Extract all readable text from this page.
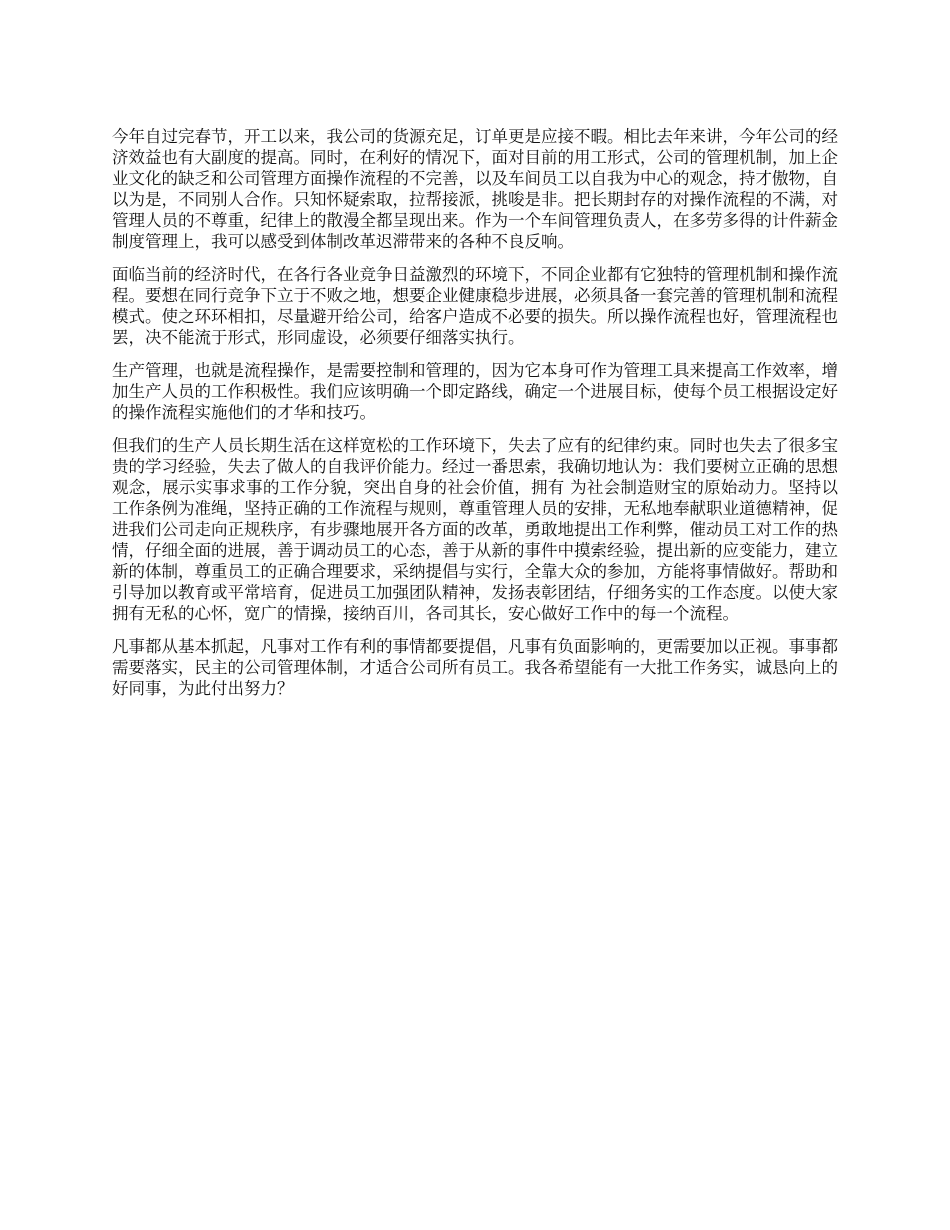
今年自过完春节，开工以来，我公司的货源充足，订单更是应接不暇。相比去年来讲，今年公司的经济效益也有大副度的提高。同时，在利好的情况下，面对目前的用工形式，公司的管理机制，加上企业文化的缺乏和公司管理方面操作流程的不完善，以及车间员工以自我为中心的观念，持才傲物，自以为是，不同别人合作。只知怀疑索取，拉帮接派，挑唆是非。把长期封存的对操作流程的不满，对管理人员的不尊重，纪律上的散漫全都呈现出来。作为一个车间管理负责人，在多劳多得的计件薪金制度管理上，我可以感受到体制改革迟滞带来的各种不良反响。

面临当前的经济时代，在各行各业竞争日益激烈的环境下，不同企业都有它独特的管理机制和操作流程。要想在同行竞争下立于不败之地，想要企业健康稳步进展，必须具备一套完善的管理机制和流程模式。使之环环相扣，尽量避开给公司，给客户造成不必要的损失。所以操作流程也好，管理流程也罢，决不能流于形式，形同虚设，必须要仔细落实执行。

生产管理，也就是流程操作，是需要控制和管理的，因为它本身可作为管理工具来提高工作效率，增加生产人员的工作积极性。我们应该明确一个即定路线，确定一个进展目标，使每个员工根据设定好的操作流程实施他们的才华和技巧。

但我们的生产人员长期生活在这样宽松的工作环境下，失去了应有的纪律约束。同时也失去了很多宝贵的学习经验，失去了做人的自我评价能力。经过一番思索，我确切地认为：我们要树立正确的思想观念，展示实事求事的工作分貌，突出自身的社会价值，拥有 为社会制造财宝的原始动力。坚持以工作条例为准绳，坚持正确的工作流程与规则，尊重管理人员的安排，无私地奉献职业道德精神，促进我们公司走向正规秩序，有步骤地展开各方面的改革，勇敢地提出工作利弊，催动员工对工作的热情，仔细全面的进展，善于调动员工的心态，善于从新的事件中摸索经验，提出新的应变能力，建立新的体制，尊重员工的正确合理要求，采纳提倡与实行，全靠大众的参加，方能将事情做好。帮助和引导加以教育或平常培育，促进员工加强团队精神，发扬表彰团结，仔细务实的工作态度。以使大家拥有无私的心怀，宽广的情操，接纳百川，各司其长，安心做好工作中的每一个流程。

凡事都从基本抓起，凡事对工作有利的事情都要提倡，凡事有负面影响的，更需要加以正视。事事都需要落实，民主的公司管理体制，才适合公司所有员工。我各希望能有一大批工作务实，诚恳向上的好同事，为此付出努力？
